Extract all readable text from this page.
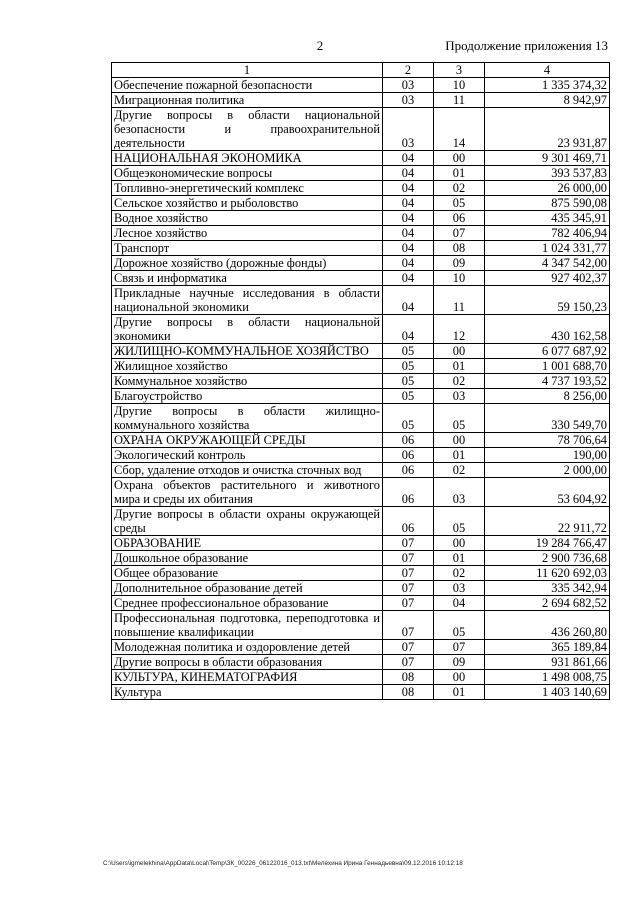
2	Продолжение приложения 13
1	2	3	4
Обеспечение пожарной безопасности	03	10	1 335 374,32
Миграционная политика	03	11	8 942,97
Другие вопросы в области национальной безопасности и правоохранительной деятельности	03	14	23 931,87
НАЦИОНАЛЬНАЯ ЭКОНОМИКА	04	00	9 301 469,71
Общеэкономические вопросы	04	01	393 537,83
Топливно-энергетический комплекс	04	02	26 000,00
Сельское хозяйство и рыболовство	04	05	875 590,08
Водное хозяйство	04	06	435 345,91
Лесное хозяйство	04	07	782 406,94
Транспорт	04	08	1 024 331,77
Дорожное хозяйство (дорожные фонды)	04	09	4 347 542,00
Связь и информатика	04	10	927 402,37
Прикладные научные исследования в области национальной экономики	04	11	59 150,23
Другие вопросы в области национальной экономики	04	12	430 162,58
ЖИЛИЩНО-КОММУНАЛЬНОЕ ХОЗЯЙСТВО	05	00	6 077 687,92
Жилищное хозяйство	05	01	1 001 688,70
Коммунальное хозяйство	05	02	4 737 193,52
Благоустройство	05	03	8 256,00
Другие вопросы в области жилищно-коммунального хозяйства	05	05	330 549,70
ОХРАНА ОКРУЖАЮЩЕЙ СРЕДЫ	06	00	78 706,64
Экологический контроль	06	01	190,00
Сбор, удаление отходов и очистка сточных вод	06	02	2 000,00
Охрана объектов растительного и животного мира и среды их обитания	06	03	53 604,92
Другие вопросы в области охраны окружающей среды	06	05	22 911,72
ОБРАЗОВАНИЕ	07	00	19 284 766,47
Дошкольное образование	07	01	2 900 736,68
Общее образование	07	02	11 620 692,03
Дополнительное образование детей	07	03	335 342,94
Среднее профессиональное образование	07	04	2 694 682,52
Профессиональная подготовка, переподготовка и повышение квалификации	07	05	436 260,80
Молодежная политика и оздоровление детей	07	07	365 189,84
Другие вопросы в области образования	07	09	931 861,66
КУЛЬТУРА, КИНЕМАТОГРАФИЯ	08	00	1 498 008,75
Культура	08	01	1 403 140,69
C:\Users\igmelekhina\AppData\Local\Temp\ЗК_00226_06122016_013.txt\Мелехина Ирина Геннадьевна\09.12.2016 10:12:18
